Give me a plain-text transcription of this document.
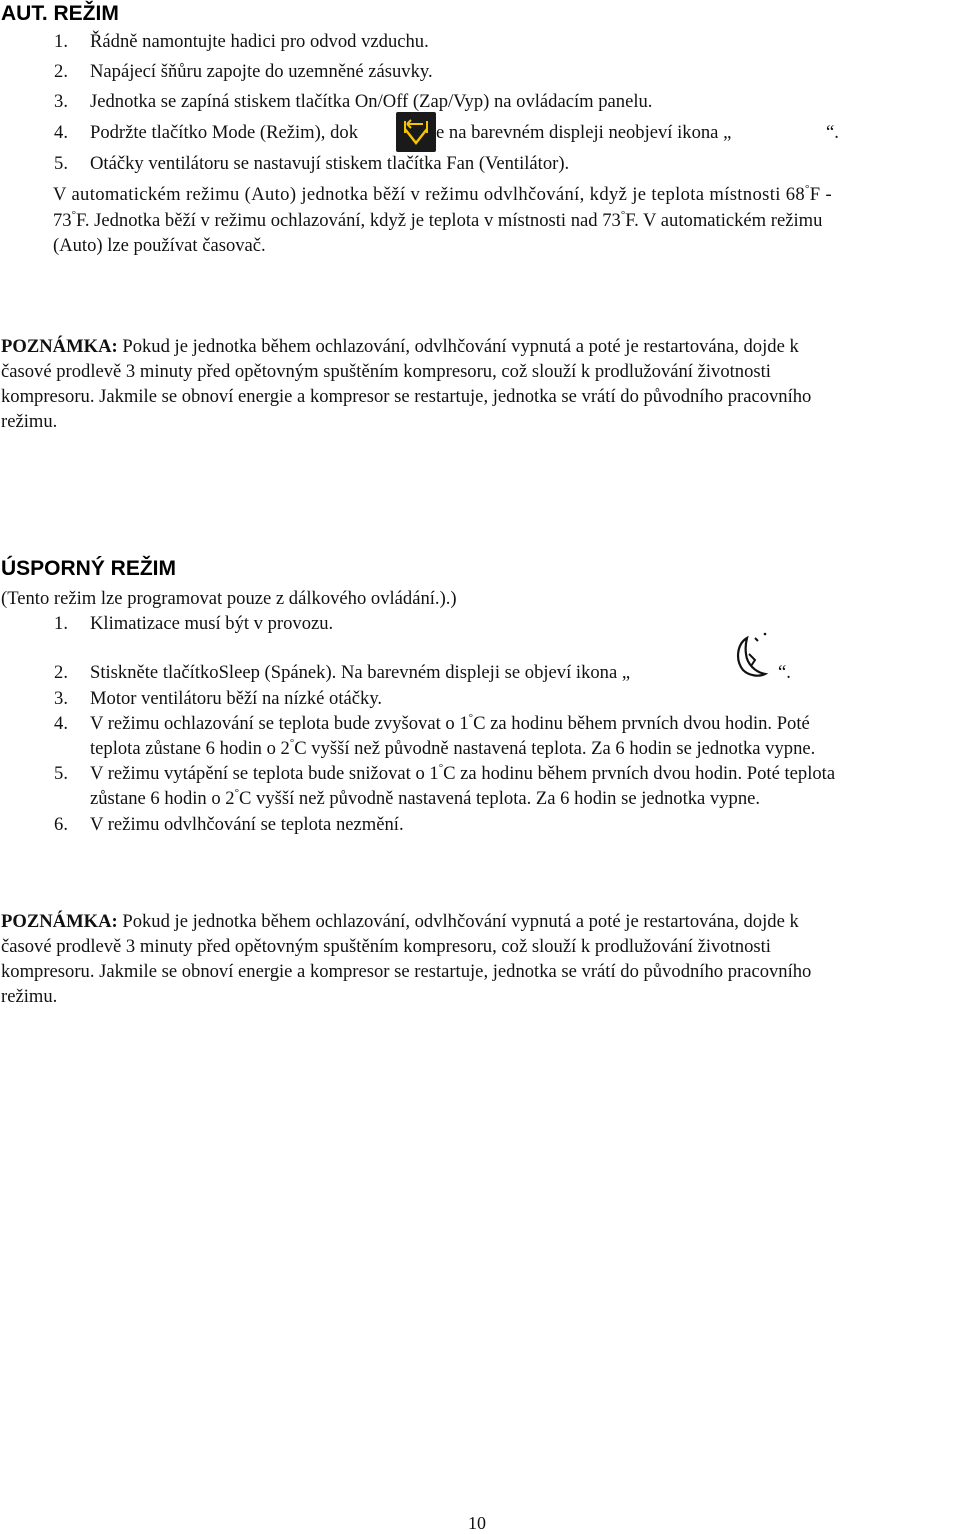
AUT. REŽIM
1. Řádně namontujte hadici pro odvod vzduchu.
2. Napájecí šňůru zapojte do uzemněné zásuvky.
3. Jednotka se zapíná stiskem tlačítka On/Off (Zap/Vyp) na ovládacím panelu.
4. Podržte tlačítko Mode (Režim), dok	e na barevném displeji neobjeví ikona „	“.
5. Otáčky ventilátoru se nastavují stiskem tlačítka Fan (Ventilátor).
V automatickém režimu (Auto) jednotka běží v režimu odvlhčování, když je teplota místnosti 68°F -
73°F. Jednotka běží v režimu ochlazování, když je teplota v místnosti nad 73°F. V automatickém režimu
(Auto) lze používat časovač.
POZNÁMKA: Pokud je jednotka během ochlazování, odvlhčování vypnutá a poté je restartována, dojde k
časové prodlevě 3 minuty před opětovným spuštěním kompresoru, což slouží k prodlužování životnosti
kompresoru. Jakmile se obnoví energie a kompresor se restartuje, jednotka se vrátí do původního pracovního
režimu.
ÚSPORNÝ REŽIM
(Tento režim lze programovat pouze z dálkového ovládání.).)
1. Klimatizace musí být v provozu.
2. Stiskněte tlačítkoSleep (Spánek). Na barevném displeji se objeví ikona „	“.
3. Motor ventilátoru běží na nízké otáčky.
4. V režimu ochlazování se teplota bude zvyšovat o 1°C za hodinu během prvních dvou hodin. Poté
teplota zůstane 6 hodin o 2°C vyšší než původně nastavená teplota. Za 6 hodin se jednotka vypne.
5. V režimu vytápění se teplota bude snižovat o 1°C za hodinu během prvních dvou hodin. Poté teplota
zůstane 6 hodin o 2°C vyšší než původně nastavená teplota. Za 6 hodin se jednotka vypne.
6. V režimu odvlhčování se teplota nezmění.
POZNÁMKA: Pokud je jednotka během ochlazování, odvlhčování vypnutá a poté je restartována, dojde k
časové prodlevě 3 minuty před opětovným spuštěním kompresoru, což slouží k prodlužování životnosti
kompresoru. Jakmile se obnoví energie a kompresor se restartuje, jednotka se vrátí do původního pracovního
režimu.
10
